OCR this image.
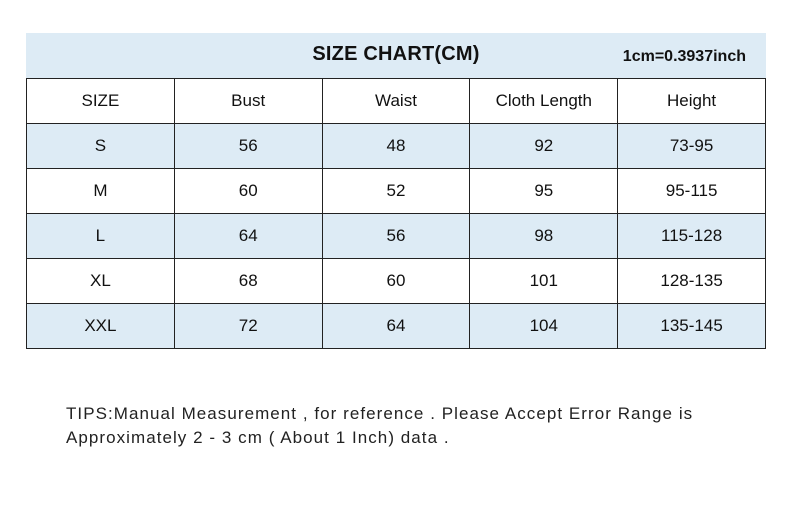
SIZE CHART(CM)	1cm=0.3937inch
SIZE	Bust	Waist	Cloth Length	Height
S	56	48	92	73-95
M	60	52	95	95-115
L	64	56	98	115-128
XL	68	60	101	128-135
XXL	72	64	104	135-145
TIPS:Manual Measurement , for reference . Please Accept Error Range is
Approximately 2 - 3 cm ( About 1 Inch) data .
